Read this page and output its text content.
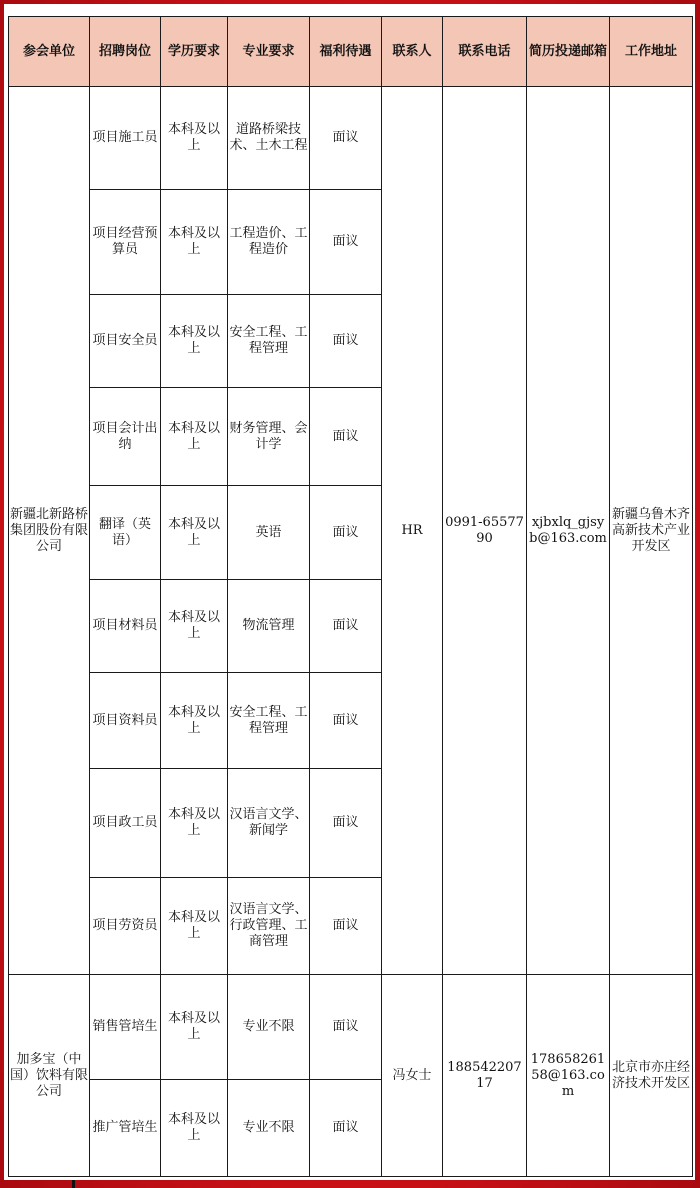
参会单位	招聘岗位	学历要求	专业要求	福利待遇	联系人	联系电话	简历投递邮箱	工作地址
新疆北新路桥集团股份有限公司	项目施工员	本科及以上	道路桥梁技术、土木工程	面议	HR	0991-6557790	xjbxlq_gjsyb@163.com	新疆乌鲁木齐高新技术产业开发区
	项目经营预算员	本科及以上	工程造价、工程造价	面议				
	项目安全员	本科及以上	安全工程、工程管理	面议				
	项目会计出纳	本科及以上	财务管理、会计学	面议				
	翻译（英语）	本科及以上	英语	面议				
	项目材料员	本科及以上	物流管理	面议				
	项目资料员	本科及以上	安全工程、工程管理	面议				
	项目政工员	本科及以上	汉语言文学、新闻学	面议				
	项目劳资员	本科及以上	汉语言文学、行政管理、工商管理	面议				
加多宝（中国）饮料有限公司	销售管培生	本科及以上	专业不限	面议	冯女士	18854220717	17865826158@163.com	北京市亦庄经济技术开发区
	推广管培生	本科及以上	专业不限	面议				
